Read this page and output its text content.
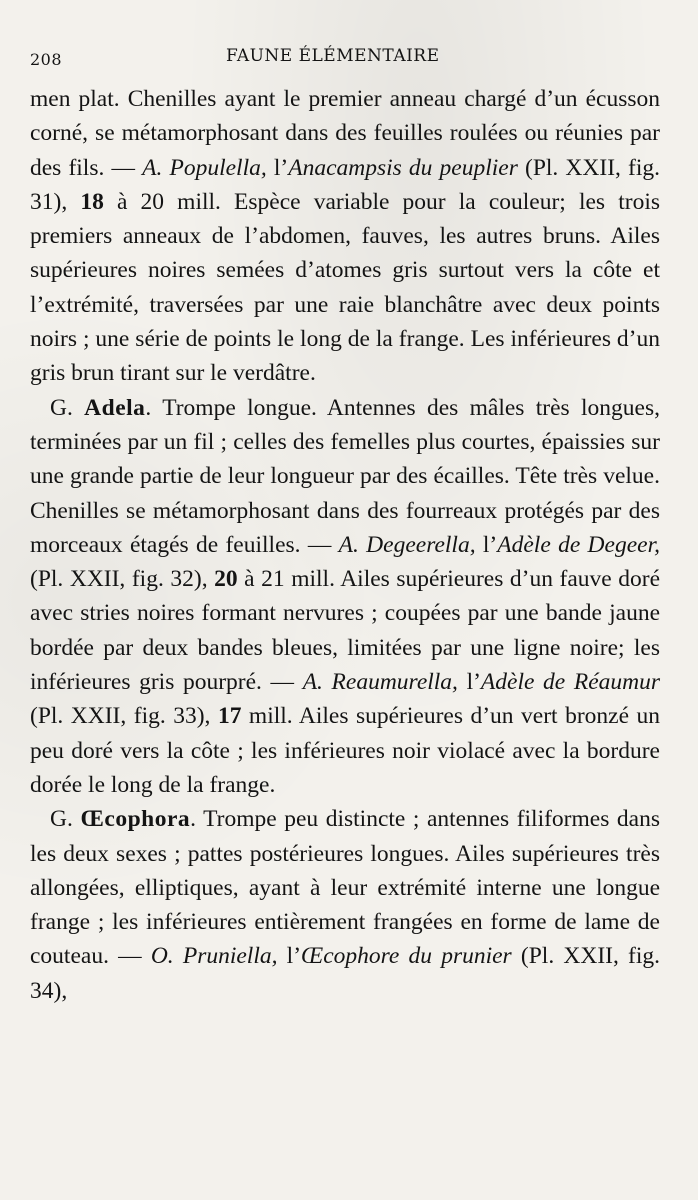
208	FAUNE ÉLÉMENTAIRE

men plat. Chenilles ayant le premier anneau chargé d’un écusson corné, se métamorphosant dans des feuilles roulées ou réunies par des fils. — A. Populella, l’Anacampsis du peuplier (Pl. XXII, fig. 31), 18 à 20 mill. Espèce variable pour la couleur; les trois premiers anneaux de l’abdomen, fauves, les autres bruns. Ailes supérieures noires semées d’atomes gris surtout vers la côte et l’extrémité, traversées par une raie blanchâtre avec deux points noirs ; une série de points le long de la frange. Les inférieures d’un gris brun tirant sur le verdâtre.

G. Adela. Trompe longue. Antennes des mâles très longues, terminées par un fil ; celles des femelles plus courtes, épaissies sur une grande partie de leur longueur par des écailles. Tête très velue. Chenilles se métamorphosant dans des fourreaux protégés par des morceaux étagés de feuilles. — A. Degeerella, l’Adèle de Degeer, (Pl. XXII, fig. 32), 20 à 21 mill. Ailes supérieures d’un fauve doré avec stries noires formant nervures ; coupées par une bande jaune bordée par deux bandes bleues, limitées par une ligne noire; les inférieures gris pourpré. — A. Reaumurella, l’Adèle de Réaumur (Pl. XXII, fig. 33), 17 mill. Ailes supérieures d’un vert bronzé un peu doré vers la côte ; les inférieures noir violacé avec la bordure dorée le long de la frange.

G. Œcophora. Trompe peu distincte ; antennes filiformes dans les deux sexes ; pattes postérieures longues. Ailes supérieures très allongées, elliptiques, ayant à leur extrémité interne une longue frange ; les inférieures entièrement frangées en forme de lame de couteau. — O. Pruniella, l’Œcophore du prunier (Pl. XXII, fig. 34),
